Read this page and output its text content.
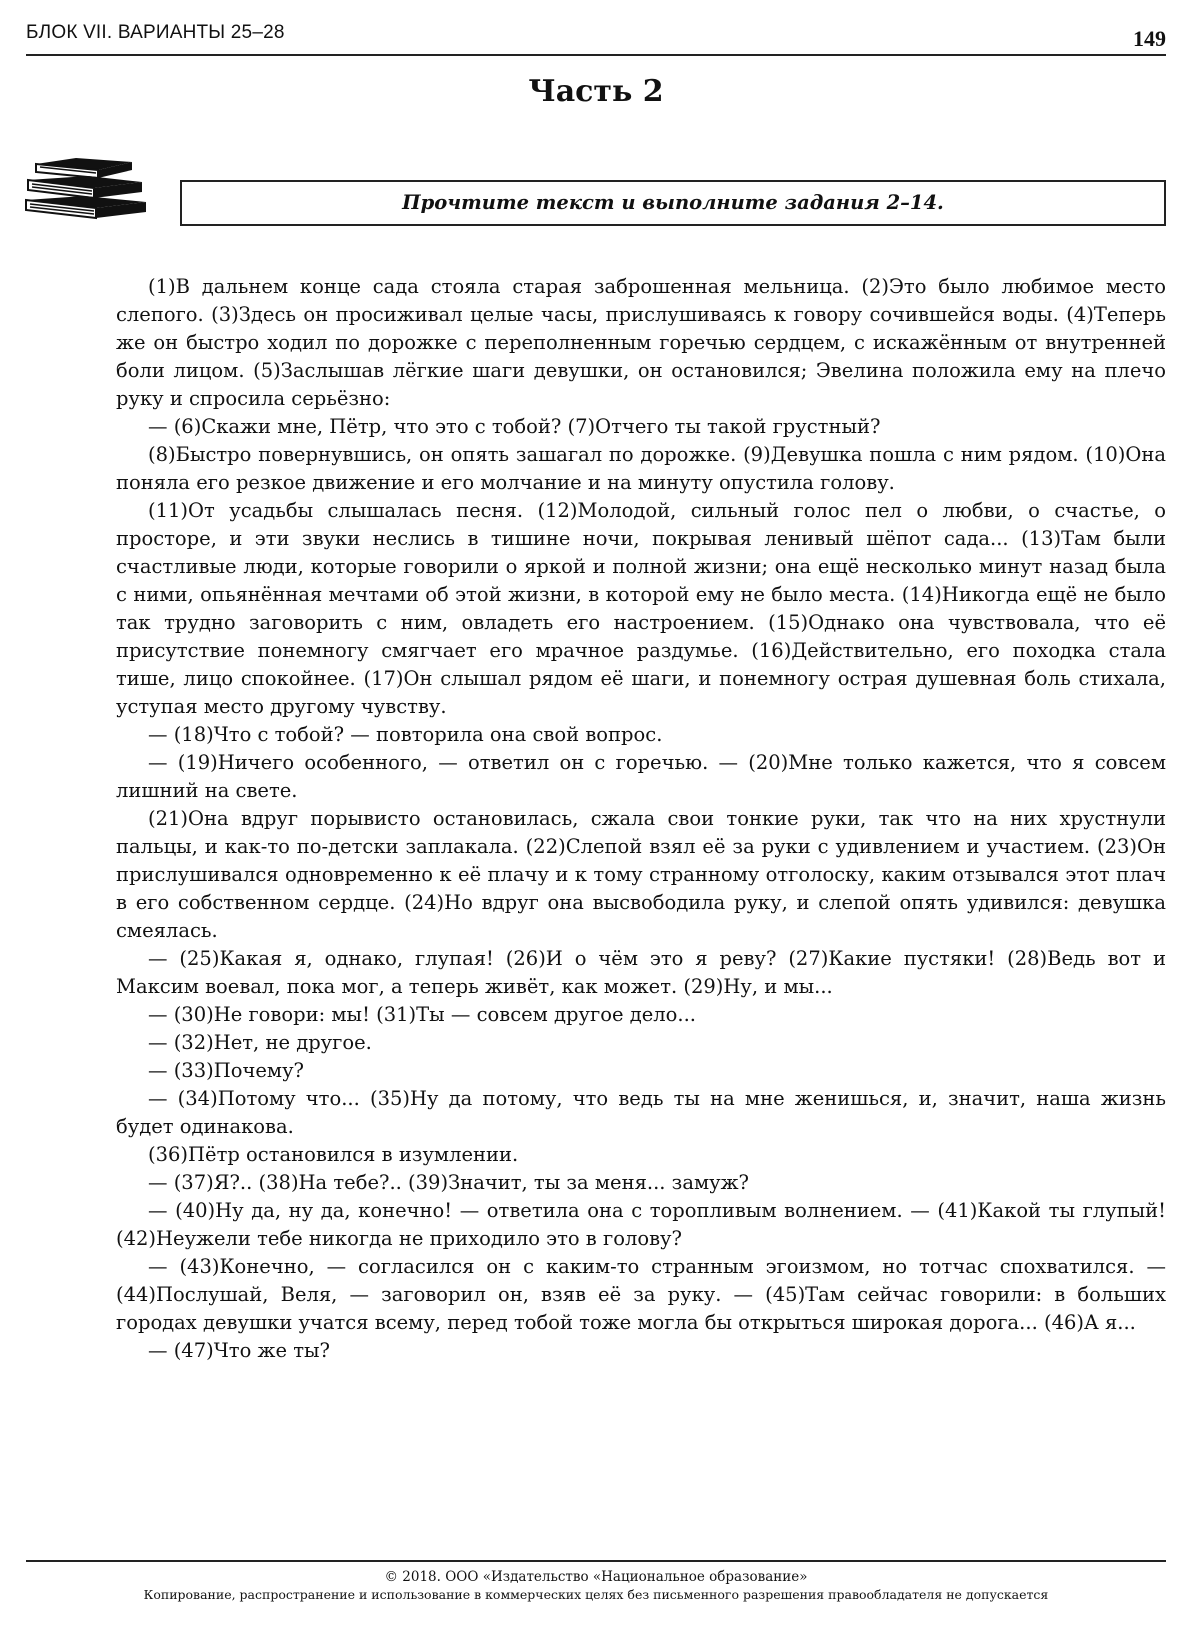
БЛОК VII. ВАРИАНТЫ 25–28	149
Часть 2
Прочтите текст и выполните задания 2–14.

(1)В дальнем конце сада стояла старая заброшенная мельница. (2)Это было любимое место слепого. (3)Здесь он просиживал целые часы, прислушиваясь к говору сочившейся воды. (4)Теперь же он быстро ходил по дорожке с переполненным горечью сердцем, с искажённым от внутренней боли лицом. (5)Заслышав лёгкие шаги девушки, он остановился; Эвелина положила ему на плечо руку и спросила серьёзно:

— (6)Скажи мне, Пётр, что это с тобой? (7)Отчего ты такой грустный?

(8)Быстро повернувшись, он опять зашагал по дорожке. (9)Девушка пошла с ним рядом. (10)Она поняла его резкое движение и его молчание и на минуту опустила голову.

(11)От усадьбы слышалась песня. (12)Молодой, сильный голос пел о любви, о счастье, о просторе, и эти звуки неслись в тишине ночи, покрывая ленивый шёпот сада... (13)Там были счастливые люди, которые говорили о яркой и полной жизни; она ещё несколько минут назад была с ними, опьянённая мечтами об этой жизни, в которой ему не было места. (14)Никогда ещё не было так трудно заговорить с ним, овладеть его настроением. (15)Однако она чувствовала, что её присутствие понемногу смягчает его мрачное раздумье. (16)Действительно, его походка стала тише, лицо спокойнее. (17)Он слышал рядом её шаги, и понемногу острая душевная боль стихала, уступая место другому чувству.

— (18)Что с тобой? — повторила она свой вопрос.

— (19)Ничего особенного, — ответил он с горечью. — (20)Мне только кажется, что я совсем лишний на свете.

(21)Она вдруг порывисто остановилась, сжала свои тонкие руки, так что на них хрустнули пальцы, и как-то по-детски заплакала. (22)Слепой взял её за руки с удивлением и участием. (23)Он прислушивался одновременно к её плачу и к тому странному отголоску, каким отзывался этот плач в его собственном сердце. (24)Но вдруг она высвободила руку, и слепой опять удивился: девушка смеялась.

— (25)Какая я, однако, глупая! (26)И о чём это я реву? (27)Какие пустяки! (28)Ведь вот и Максим воевал, пока мог, а теперь живёт, как может. (29)Ну, и мы...

— (30)Не говори: мы! (31)Ты — совсем другое дело...

— (32)Нет, не другое.

— (33)Почему?

— (34)Потому что... (35)Ну да потому, что ведь ты на мне женишься, и, значит, наша жизнь будет одинакова.

(36)Пётр остановился в изумлении.

— (37)Я?.. (38)На тебе?.. (39)Значит, ты за меня... замуж?

— (40)Ну да, ну да, конечно! — ответила она с торопливым волнением. — (41)Какой ты глупый! (42)Неужели тебе никогда не приходило это в голову?

— (43)Конечно, — согласился он с каким-то странным эгоизмом, но тотчас спохватился. — (44)Послушай, Веля, — заговорил он, взяв её за руку. — (45)Там сейчас говорили: в больших городах девушки учатся всему, перед тобой тоже могла бы открыться широкая дорога... (46)А я...

— (47)Что же ты?

© 2018. ООО «Издательство «Национальное образование»
Копирование, распространение и использование в коммерческих целях без письменного разрешения правообладателя не допускается
